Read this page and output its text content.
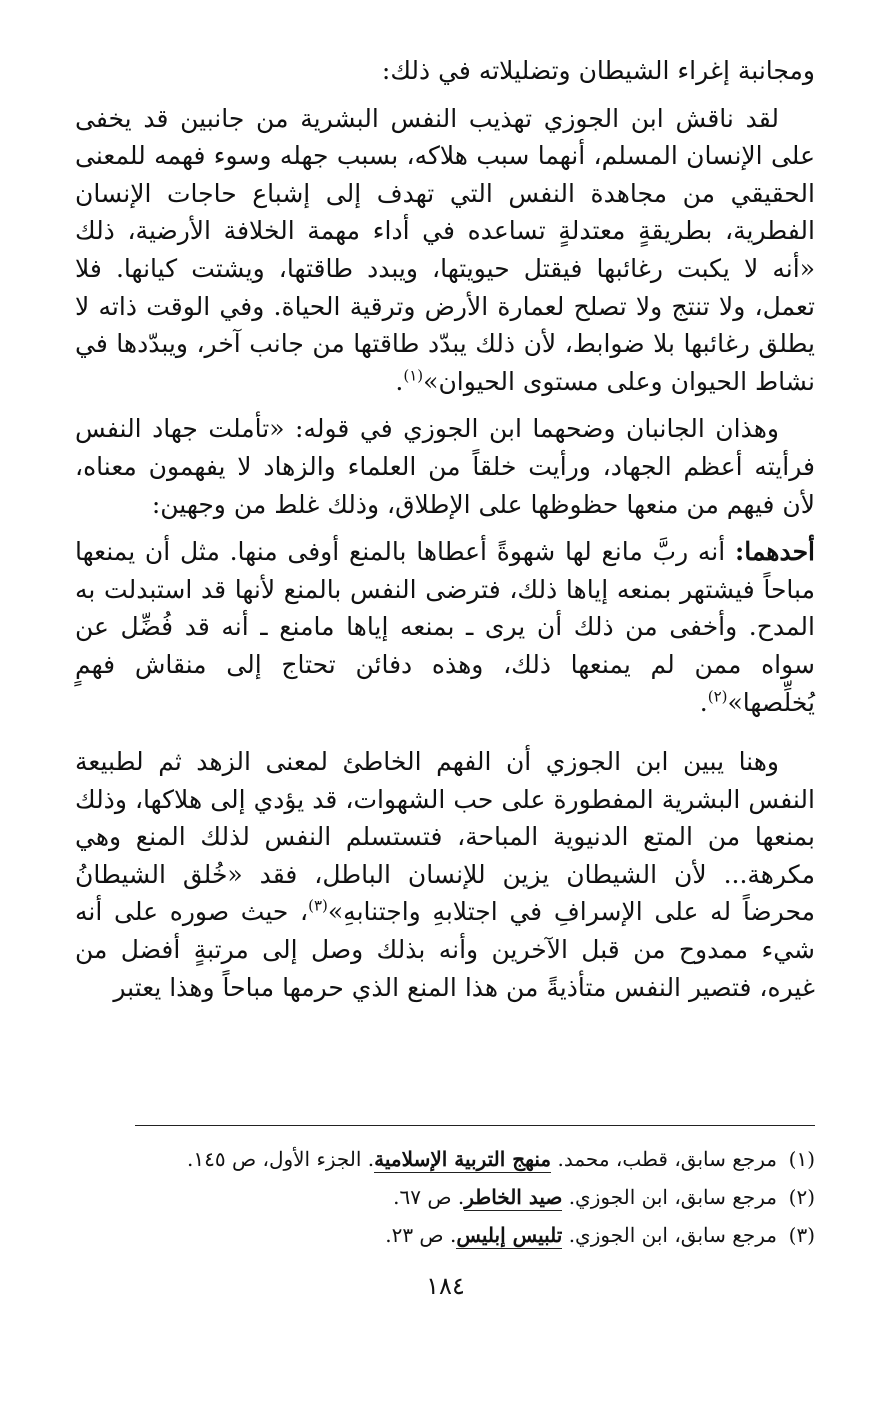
ومجانبة إغراء الشيطان وتضليلاته في ذلك:

لقد ناقش ابن الجوزي تهذيب النفس البشرية من جانبين قد يخفى على الإنسان المسلم، أنهما سبب هلاكه، بسبب جهله وسوء فهمه للمعنى الحقيقي من مجاهدة النفس التي تهدف إلى إشباع حاجات الإنسان الفطرية، بطريقةٍ معتدلةٍ تساعده في أداء مهمة الخلافة الأرضية، ذلك «أنه لا يكبت رغائبها فيقتل حيويتها، ويبدد طاقتها، ويشتت كيانها. فلا تعمل، ولا تنتج ولا تصلح لعمارة الأرض وترقية الحياة. وفي الوقت ذاته لا يطلق رغائبها بلا ضوابط، لأن ذلك يبدّد طاقتها من جانب آخر، ويبدّدها في نشاط الحيوان وعلى مستوى الحيوان»$^{(١)}$.

وهذان الجانبان وضحهما ابن الجوزي في قوله: «تأملت جهاد النفس فرأيته أعظم الجهاد، ورأيت خلقاً من العلماء والزهاد لا يفهمون معناه، لأن فيهم من منعها حظوظها على الإطلاق، وذلك غلط من وجهين:

أحدهما: أنه ربَّ مانع لها شهوةً أعطاها بالمنع أوفى منها. مثل أن يمنعها مباحاً فيشتهر بمنعه إياها ذلك، فترضى النفس بالمنع لأنها قد استبدلت به المدح. وأخفى من ذلك أن يرى ـ بمنعه إياها مامنع ـ أنه قد فُضِّل عن سواه ممن لم يمنعها ذلك، وهذه دفائن تحتاج إلى منقاش فهمٍ يُخلِّصها»$^{(٢)}$.

وهنا يبين ابن الجوزي أن الفهم الخاطئ لمعنى الزهد ثم لطبيعة النفس البشرية المفطورة على حب الشهوات، قد يؤدي إلى هلاكها، وذلك بمنعها من المتع الدنيوية المباحة، فتستسلم النفس لذلك المنع وهي مكرهة... لأن الشيطان يزين للإنسان الباطل، فقد «خُلق الشيطانُ محرضاً له على الإسرافِ في اجتلابهِ واجتنابهِ»$^{(٣)}$، حيث صوره على أنه شيء ممدوح من قبل الآخرين وأنه بذلك وصل إلى مرتبةٍ أفضل من غيره، فتصير النفس متأذيةً من هذا المنع الذي حرمها مباحاً وهذا يعتبر

(١)مرجع سابق، قطب، محمد. منهج التربية الإسلامية. الجزء الأول، ص ١٤٥.

(٢)مرجع سابق، ابن الجوزي. صيد الخاطر. ص ٦٧.

(٣)مرجع سابق، ابن الجوزي. تلبيس إبليس. ص ٢٣.

١٨٤
